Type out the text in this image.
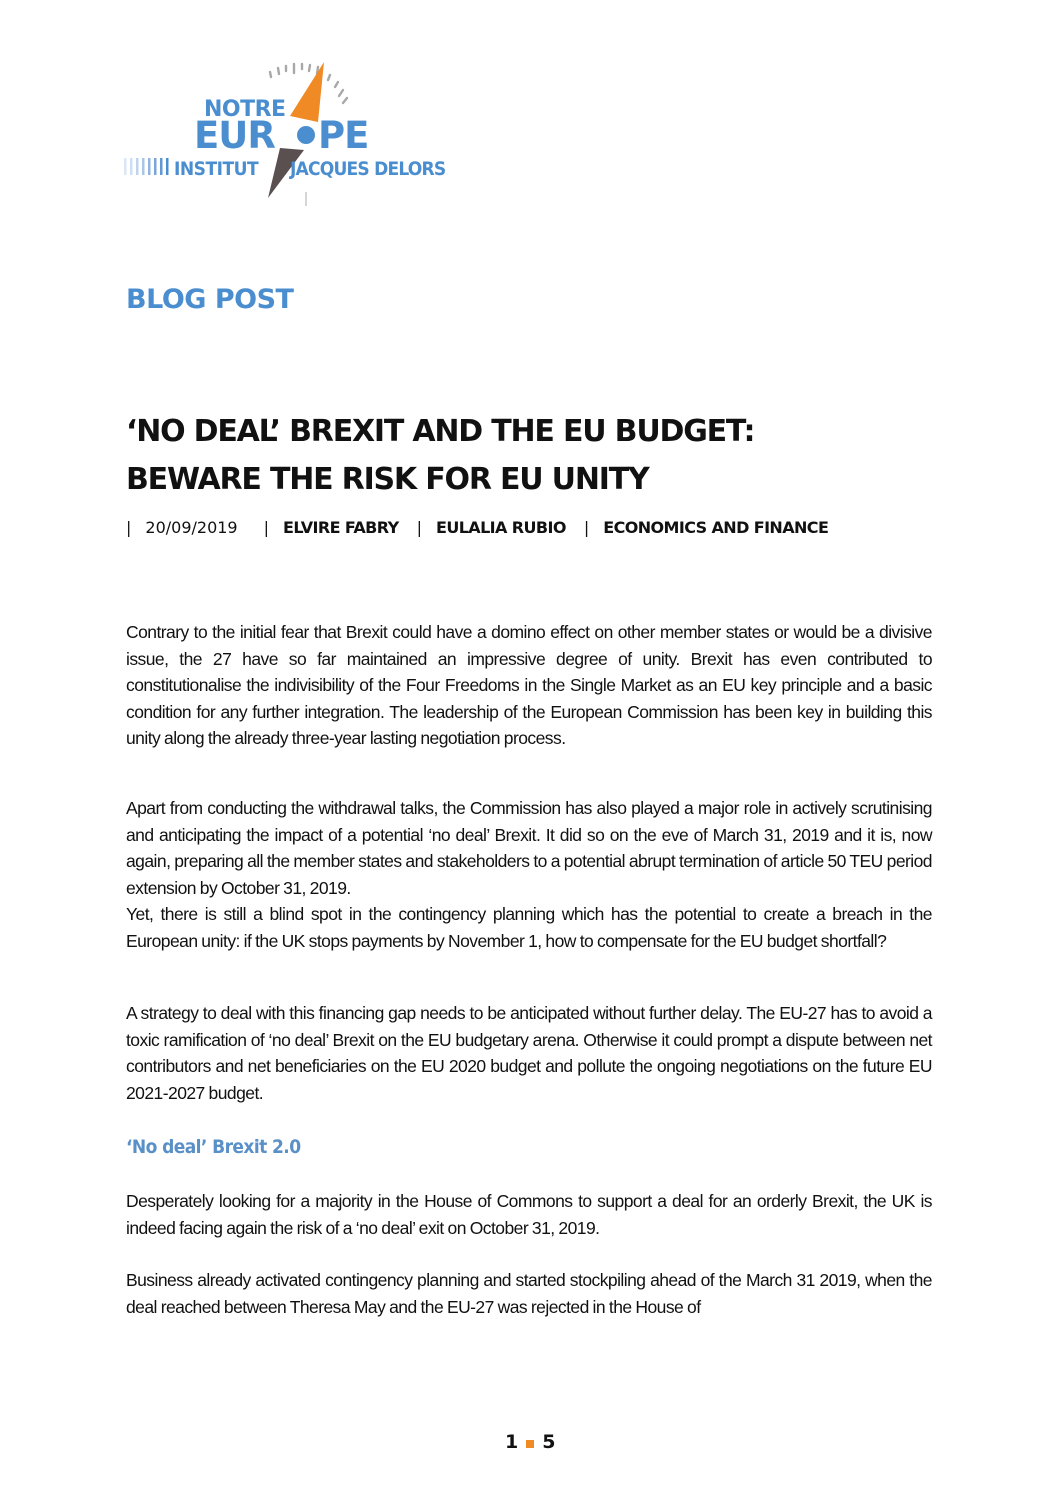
NOTRE
EUR PE
INSTITUT JACQUES DELORS
BLOG POST
‘NO DEAL’ BREXIT AND THE EU BUDGET:
BEWARE THE RISK FOR EU UNITY
| 20/09/2019 | ELVIRE FABRY | EULALIA RUBIO | ECONOMICS AND FINANCE

Contrary to the initial fear that Brexit could have a domino effect on other member states or would be a divisive issue, the 27 have so far maintained an impressive degree of unity. Brexit has even contributed to constitutionalise the indivisibility of the Four Freedoms in the Single Market as an EU key principle and a basic condition for any further integration. The leadership of the European Commission has been key in building this unity along the already three-year lasting negotiation process.

Apart from conducting the withdrawal talks, the Commission has also played a major role in actively scrutinising and anticipating the impact of a potential ‘no deal’ Brexit. It did so on the eve of March 31, 2019 and it is, now again, preparing all the member states and stakeholders to a potential abrupt termination of article 50 TEU period extension by October 31, 2019.

Yet, there is still a blind spot in the contingency planning which has the potential to create a breach in the European unity: if the UK stops payments by November 1, how to compensate for the EU budget shortfall?

A strategy to deal with this financing gap needs to be anticipated without further delay. The EU-27 has to avoid a toxic ramification of ‘no deal’ Brexit on the EU budgetary arena. Otherwise it could prompt a dispute between net contributors and net beneficiaries on the EU 2020 budget and pollute the ongoing negotiations on the future EU 2021-2027 budget.

‘No deal’ Brexit 2.0

Desperately looking for a majority in the House of Commons to support a deal for an orderly Brexit, the UK is indeed facing again the risk of a ‘no deal’ exit on October 31, 2019.

Business already activated contingency planning and started stockpiling ahead of the March 31 2019, when the deal reached between Theresa May and the EU-27 was rejected in the House of

1 5
